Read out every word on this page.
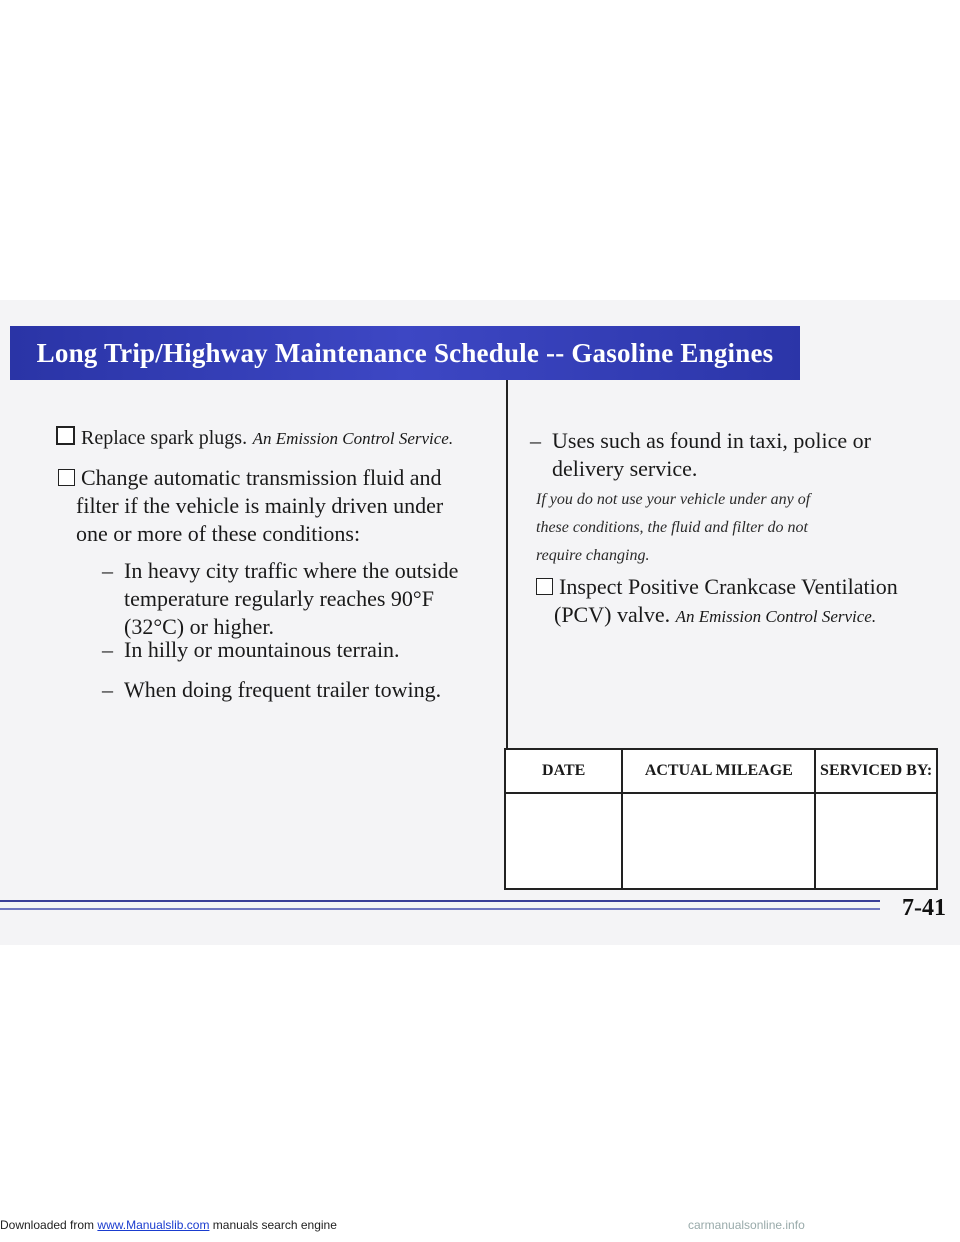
Long Trip/Highway Maintenance Schedule -- Gasoline Engines
Replace spark plugs. An Emission Control Service.
Change automatic transmission fluid and
filter if the vehicle is mainly driven under
one or more of these conditions:
– In heavy city traffic where the outside
temperature regularly reaches 90°F
(32°C) or higher.
– In hilly or mountainous terrain.
– When doing frequent trailer towing.
– Uses such as found in taxi, police or
delivery service.
If you do not use your vehicle under any of
these conditions, the fluid and filter do not
require changing.
Inspect Positive Crankcase Ventilation
(PCV) valve. An Emission Control Service.
DATE	ACTUAL MILEAGE	SERVICED BY:

7-41
Downloaded from www.Manualslib.com manuals search engine	carmanualsonline.info
